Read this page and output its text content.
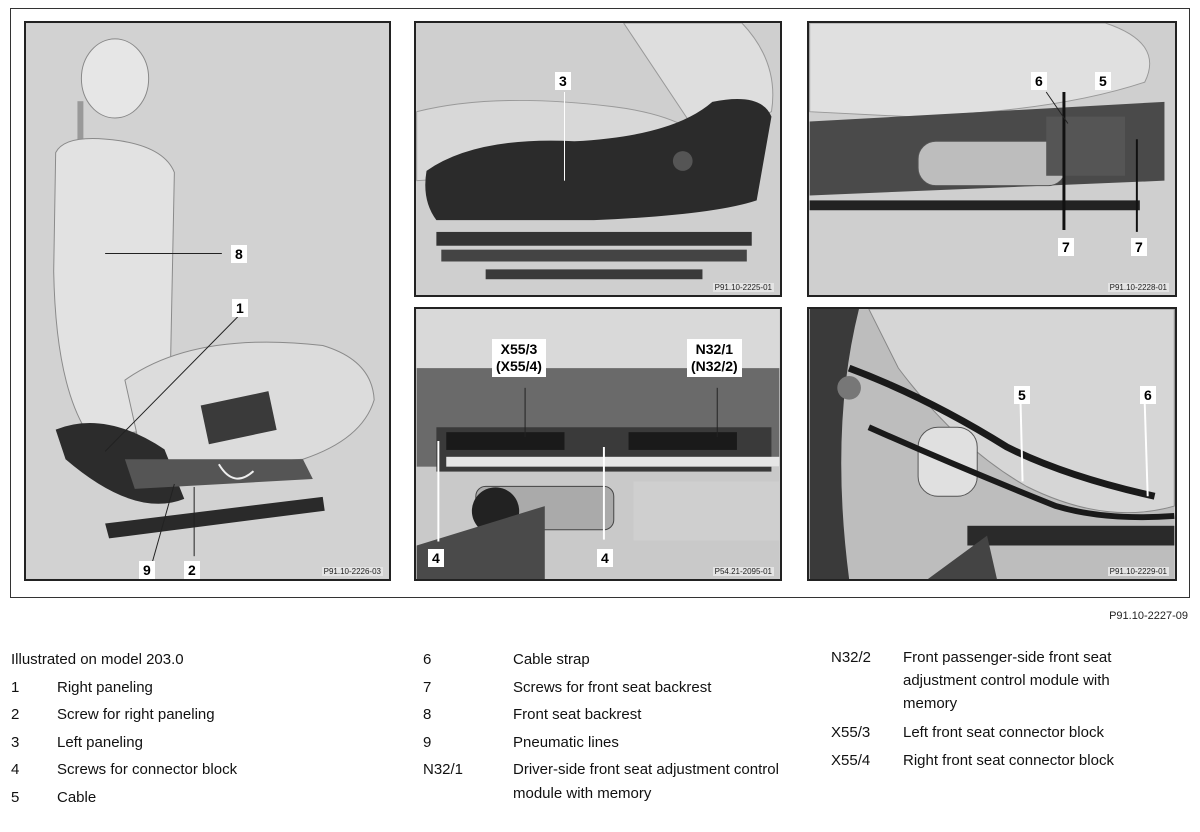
8
1
9	2	P91.10-2226-03
3
P91.10-2225-01
6	5
7	7
P91.10-2228-01
X55/3
(X55/4)
N32/1
(N32/2)
4	4
P54.21-2095-01
5	6
P91.10-2229-01
P91.10-2227-09
Illustrated on model 203.0
1	Right paneling
2	Screw for right paneling
3	Left paneling
4	Screws for connector block
5	Cable
6	Cable strap
7	Screws for front seat backrest
8	Front seat backrest
9	Pneumatic lines
N32/1	Driver-side front seat adjustment control module with memory
N32/2	Front passenger-side front seat adjustment control module with memory
X55/3	Left front seat connector block
X55/4	Right front seat connector block
